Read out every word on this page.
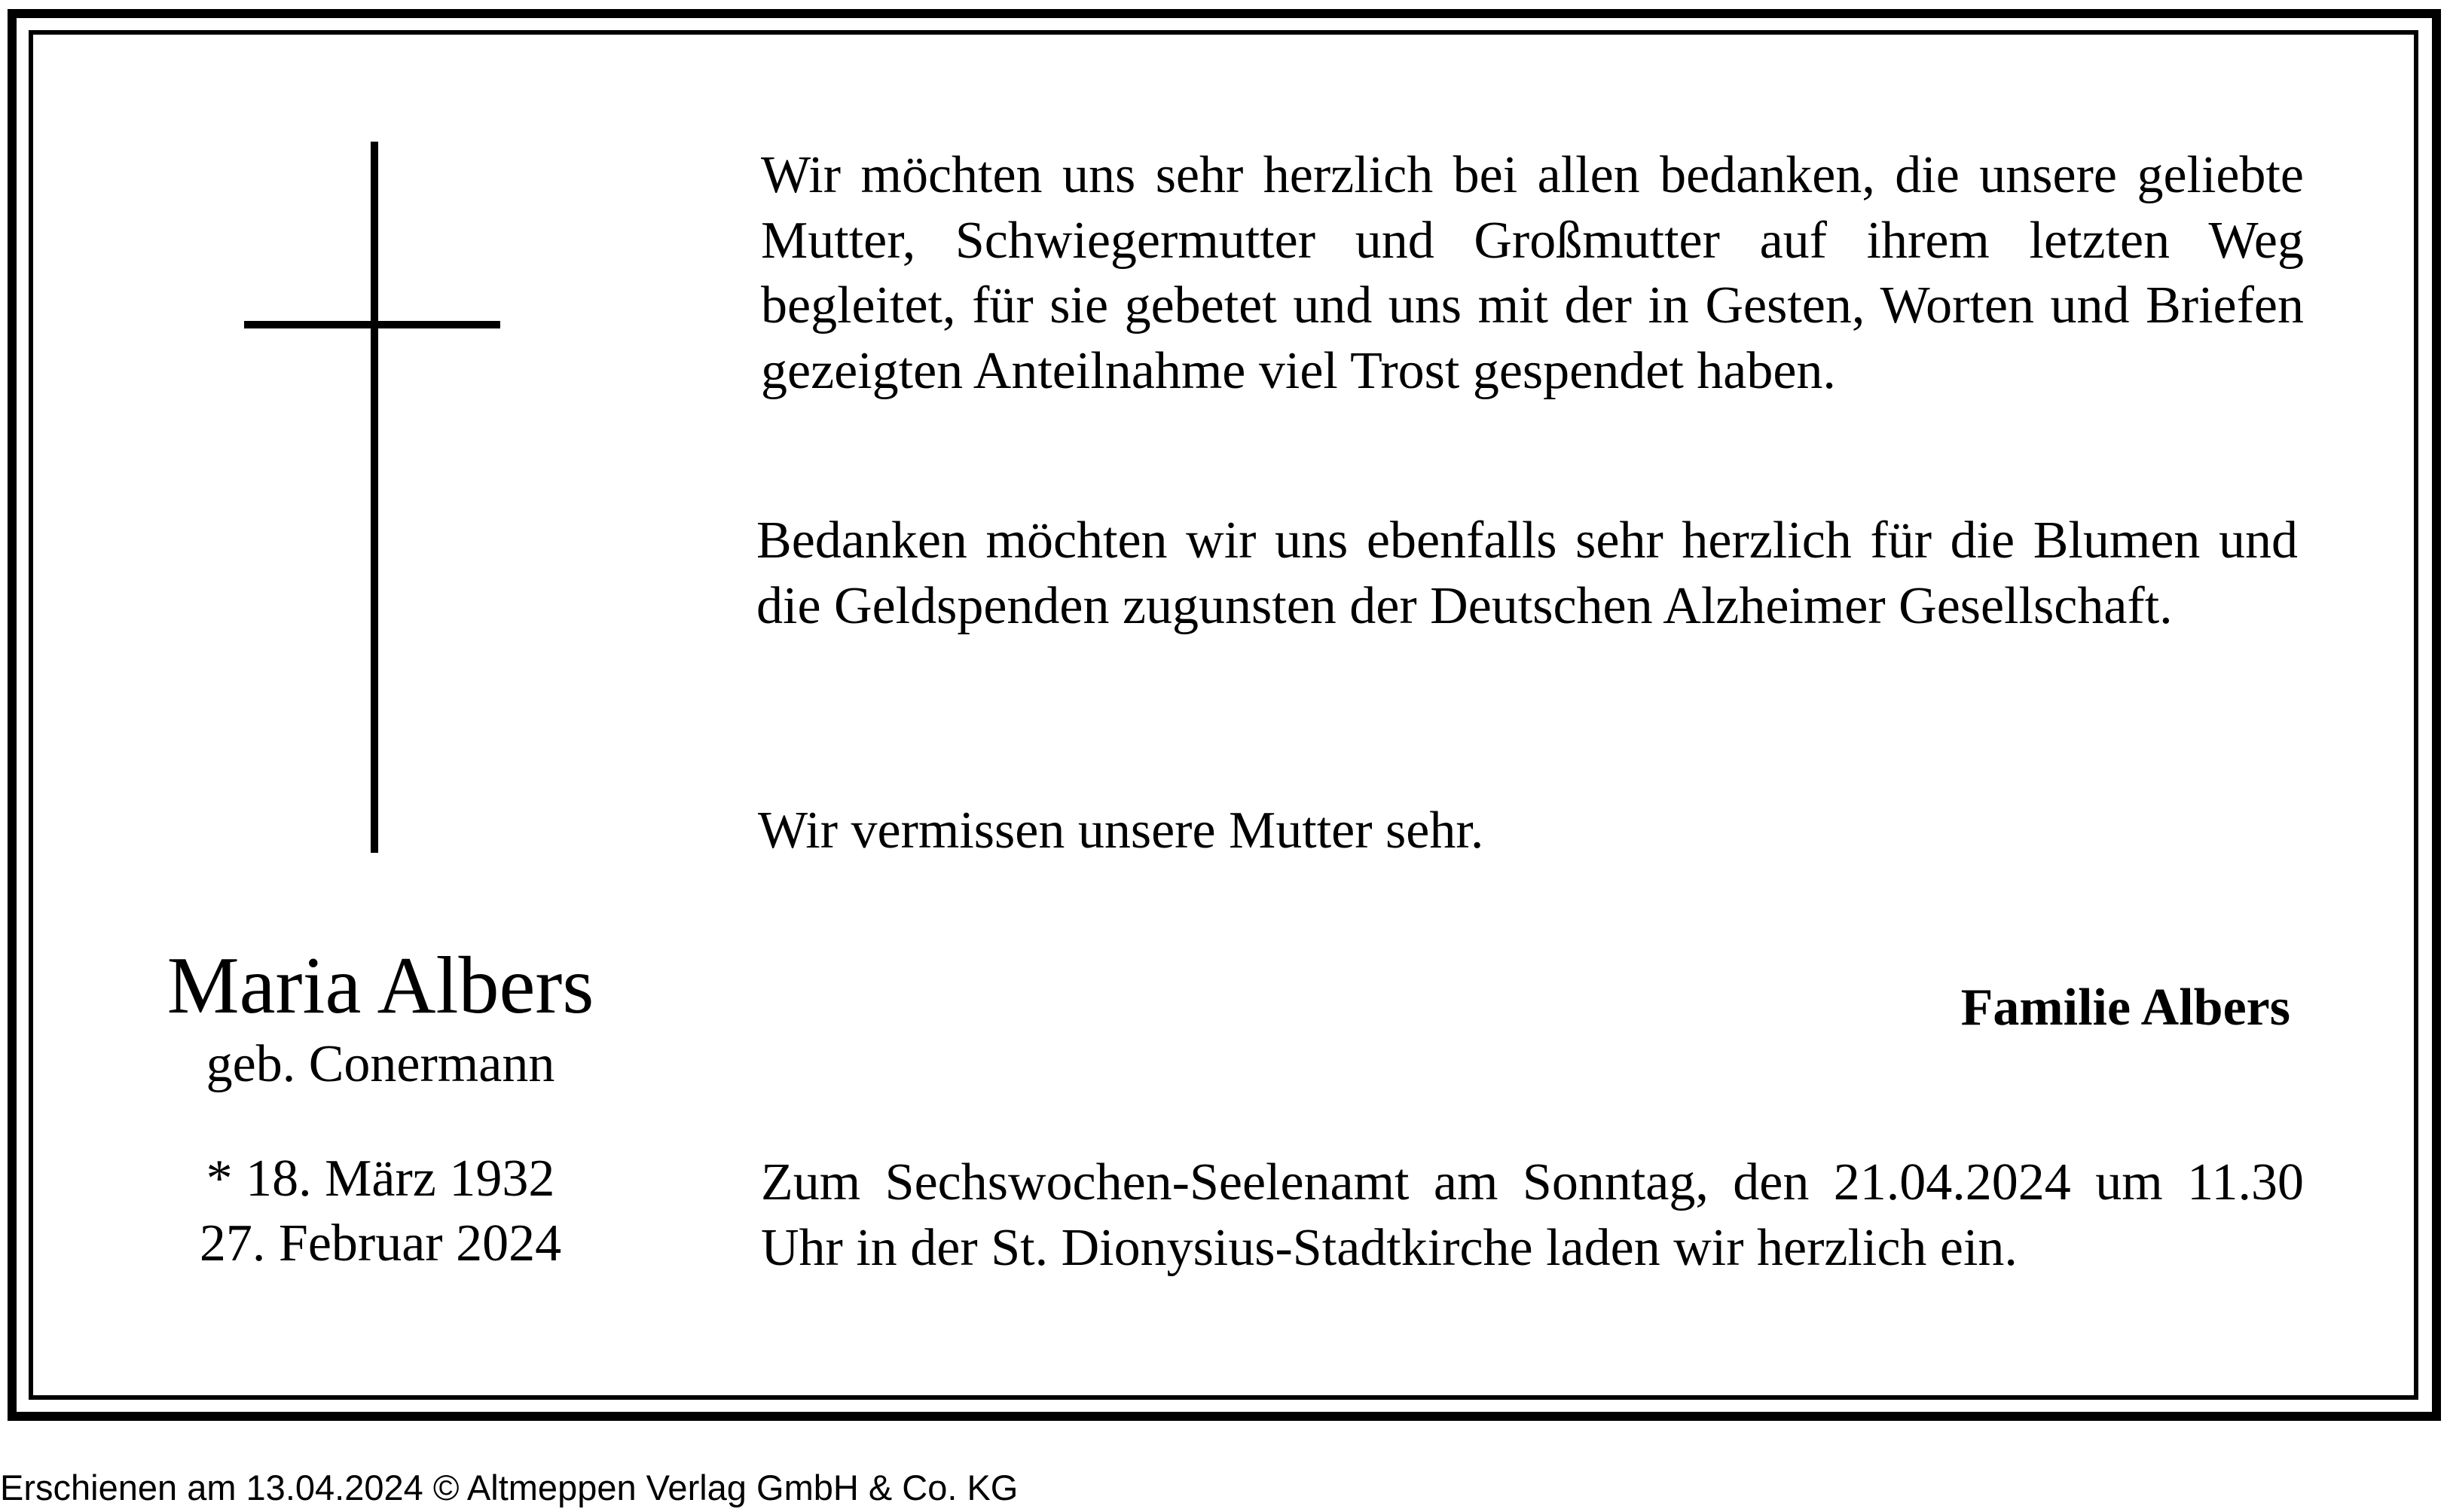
Maria Albers
geb. Conermann
* 18. März 1932
27. Februar 2024
Wir möchten uns sehr herzlich bei allen bedanken, die unsere geliebte Mutter, Schwiegermutter und Großmutter auf ihrem letzten Weg begleitet, für sie gebetet und uns mit der in Gesten, Worten und Briefen gezeigten Anteilnahme viel Trost gespendet haben.
Bedanken möchten wir uns ebenfalls sehr herzlich für die Blumen und die Geldspenden zugunsten der Deutschen Alzheimer Gesellschaft.
Wir vermissen unsere Mutter sehr.
Familie Albers
Zum Sechswochen-Seelenamt am Sonntag, den 21.04.2024 um 11.30 Uhr in der St. Dionysius-Stadtkirche laden wir herzlich ein.
Erschienen am 13.04.2024 © Altmeppen Verlag GmbH & Co. KG
